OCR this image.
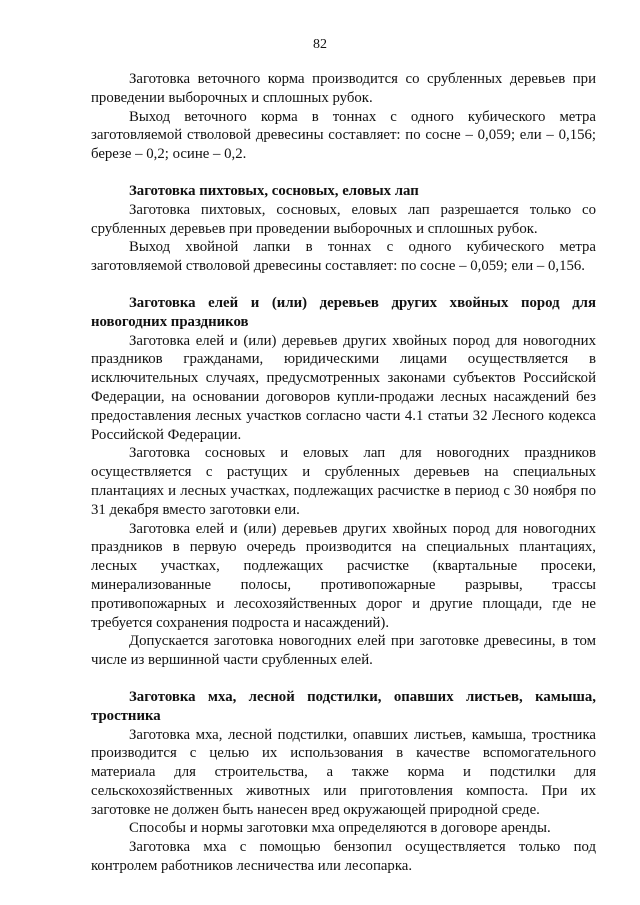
82

Заготовка веточного корма производится со срубленных деревьев при проведении выборочных и сплошных рубок.

Выход веточного корма в тоннах с одного кубического метра заготовляемой стволовой древесины составляет: по сосне – 0,059; ели – 0,156; березе – 0,2; осине – 0,2.

Заготовка пихтовых, сосновых, еловых лап

Заготовка пихтовых, сосновых, еловых лап разрешается только со срубленных деревьев при проведении выборочных и сплошных рубок.

Выход хвойной лапки в тоннах с одного кубического метра заготовляемой стволовой древесины составляет: по сосне – 0,059; ели – 0,156.

Заготовка елей и (или) деревьев других хвойных пород для новогодних праздников

Заготовка елей и (или) деревьев других хвойных пород для новогодних праздников гражданами, юридическими лицами осуществляется в исключительных случаях, предусмотренных законами субъектов Российской Федерации, на основании договоров купли-продажи лесных насаждений без предоставления лесных участков согласно части 4.1 статьи 32 Лесного кодекса Российской Федерации.

Заготовка сосновых и еловых лап для новогодних праздников осуществляется с растущих и срубленных деревьев на специальных плантациях и лесных участках, подлежащих расчистке в период с 30 ноября по 31 декабря вместо заготовки ели.

Заготовка елей и (или) деревьев других хвойных пород для новогодних праздников в первую очередь производится на специальных плантациях, лесных участках, подлежащих расчистке (квартальные просеки, минерализованные полосы, противопожарные разрывы, трассы противопожарных и лесохозяйственных дорог и другие площади, где не требуется сохранения подроста и насаждений).

Допускается заготовка новогодних елей при заготовке древесины, в том числе из вершинной части срубленных елей.

Заготовка мха, лесной подстилки, опавших листьев, камыша, тростника

Заготовка мха, лесной подстилки, опавших листьев, камыша, тростника производится с целью их использования в качестве вспомогательного материала для строительства, а также корма и подстилки для сельскохозяйственных животных или приготовления компоста. При их заготовке не должен быть нанесен вред окружающей природной среде.

Способы и нормы заготовки мха определяются в договоре аренды.

Заготовка мха с помощью бензопил осуществляется только под контролем работников лесничества или лесопарка.
